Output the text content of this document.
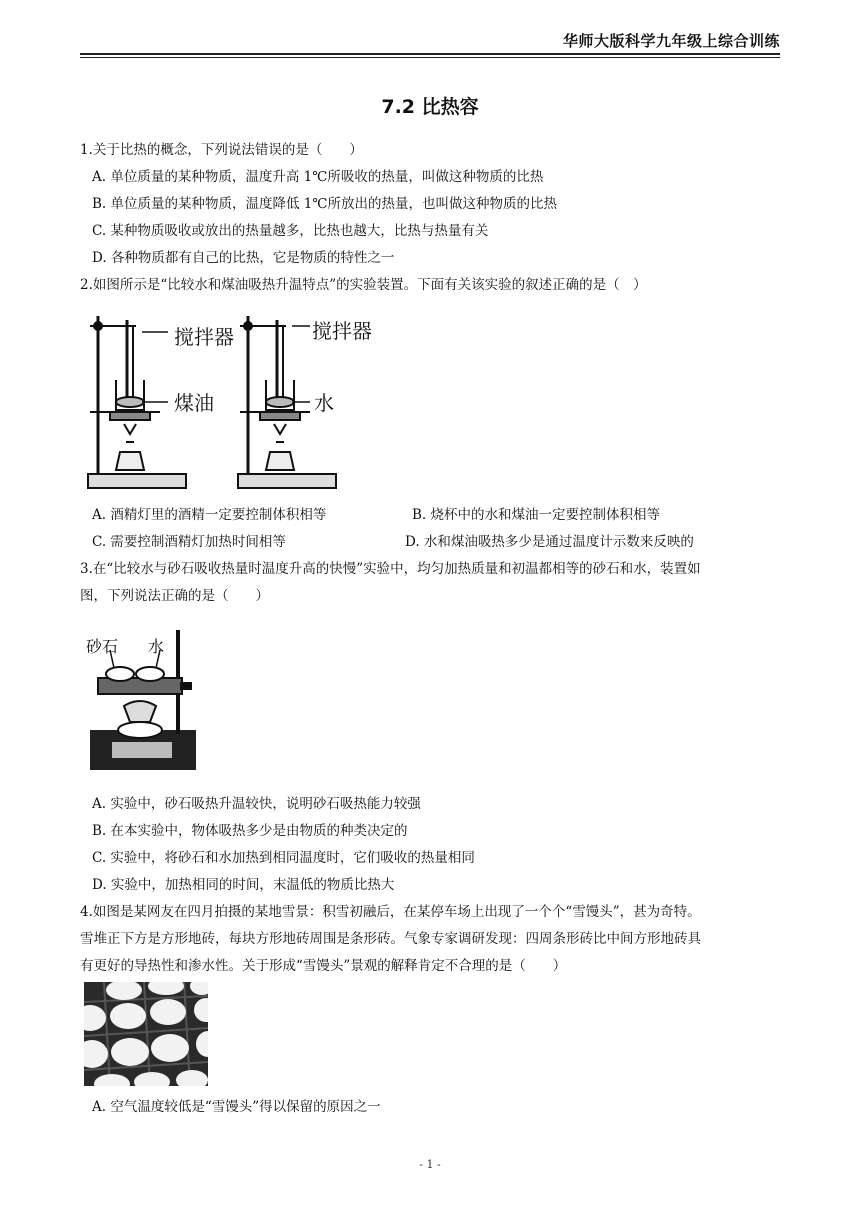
华师大版科学九年级上综合训练
7.2 比热容
1.关于比热的概念，下列说法错误的是（　　）
A. 单位质量的某种物质，温度升高 1℃所吸收的热量，叫做这种物质的比热
B. 单位质量的某种物质，温度降低 1℃所放出的热量，也叫做这种物质的比热
C. 某种物质吸收或放出的热量越多，比热也越大，比热与热量有关
D. 各种物质都有自己的比热，它是物质的特性之一
2.如图所示是“比较水和煤油吸热升温特点”的实验装置。下面有关该实验的叙述正确的是（　）
搅拌器
煤油
搅拌器
水
A. 酒精灯里的酒精一定要控制体积相等	B. 烧杯中的水和煤油一定要控制体积相等
C. 需要控制酒精灯加热时间相等	D. 水和煤油吸热多少是通过温度计示数来反映的
3.在“比较水与砂石吸收热量时温度升高的快慢”实验中，均匀加热质量和初温都相等的砂石和水，装置如
图，下列说法正确的是（　　）
砂石 水
A. 实验中，砂石吸热升温较快，说明砂石吸热能力较强
B. 在本实验中，物体吸热多少是由物质的种类决定的
C. 实验中，将砂石和水加热到相同温度时，它们吸收的热量相同
D. 实验中，加热相同的时间，末温低的物质比热大
4.如图是某网友在四月拍摄的某地雪景：积雪初融后，在某停车场上出现了一个个“雪馒头”，甚为奇特。
雪堆正下方是方形地砖，每块方形地砖周围是条形砖。气象专家调研发现：四周条形砖比中间方形地砖具
有更好的导热性和渗水性。关于形成“雪馒头”景观的解释肯定不合理的是（　　）
A. 空气温度较低是“雪馒头”得以保留的原因之一
- 1 -
